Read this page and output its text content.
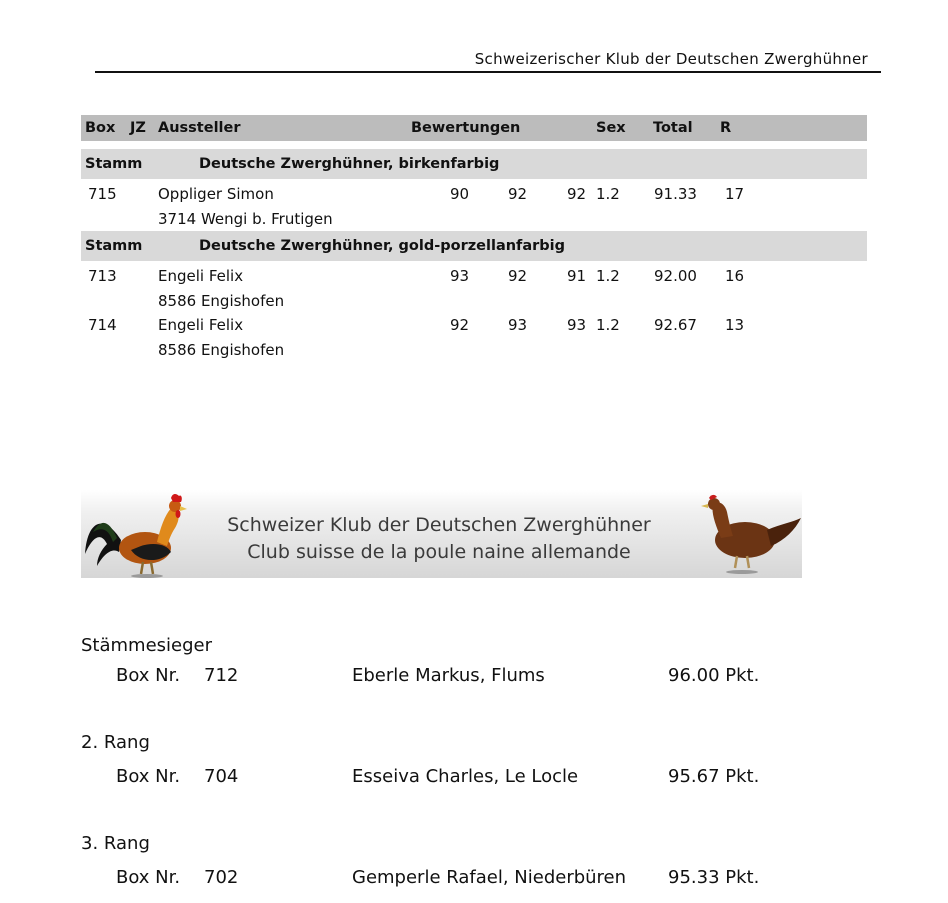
Schweizerischer Klub der Deutschen Zwerghühner
Box JZ Aussteller	Bewertungen	Sex Total R
Stamm	Deutsche Zwerghühner, birkenfarbig
715	Oppliger Simon	90	92	92 1.2 91.33 17
3714 Wengi b. Frutigen
Stamm	Deutsche Zwerghühner, gold-porzellanfarbig
713	Engeli Felix	93	92	91 1.2 92.00 16
8586 Engishofen
714	Engeli Felix	92	93	93 1.2 92.67 13
8586 Engishofen
Schweizer Klub der Deutschen Zwerghühner
Club suisse de la poule naine allemande
Stämmesieger
Box Nr. 712	Eberle Markus, Flums	96.00 Pkt.
2. Rang
Box Nr. 704	Esseiva Charles, Le Locle	95.67 Pkt.
3. Rang
Box Nr. 702	Gemperle Rafael, Niederbüren 95.33 Pkt.
